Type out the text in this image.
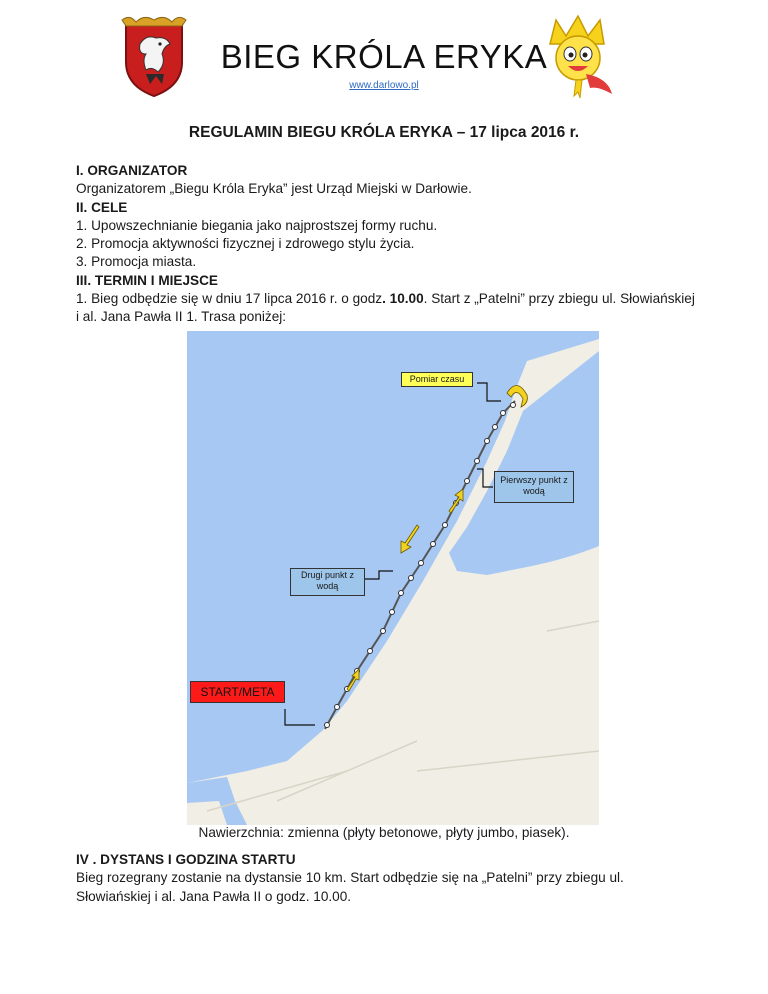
BIEG KRÓLA ERYKA
www.darlowo.pl
REGULAMIN BIEGU KRÓLA ERYKA – 17 lipca 2016 r.

I. ORGANIZATOR

Organizatorem „Biegu Króla Eryka” jest Urząd Miejski w Darłowie.

II. CELE

1. Upowszechnianie biegania jako najprostszej formy ruchu.

2. Promocja aktywności fizycznej i zdrowego stylu życia.

3. Promocja miasta.

III. TERMIN I MIEJSCE

1. Bieg odbędzie się w dniu 17 lipca 2016 r. o godz. 10.00. Start z „Patelni” przy zbiegu ul. Słowiańskiej i al. Jana Pawła II 1. Trasa poniżej:

Pomiar czasu
Pierwszy punkt z wodą
Drugi punkt z wodą
START/META
Nawierzchnia: zmienna (płyty betonowe, płyty jumbo, piasek).

IV . DYSTANS I GODZINA STARTU

Bieg rozegrany zostanie na dystansie 10 km. Start odbędzie się na „Patelni” przy zbiegu ul. Słowiańskiej i al. Jana Pawła II o godz. 10.00.
